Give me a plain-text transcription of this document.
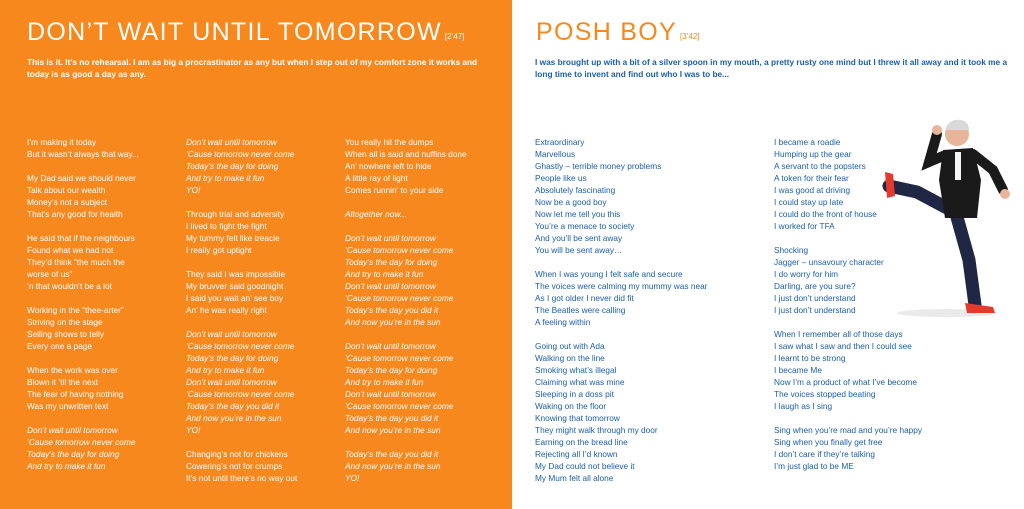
DON’T WAIT UNTIL TOMORROW [2’47]
This is it. It’s no rehearsal. I am as big a procrastinator as any but when I step out of my comfort zone it works and today is as good a day as any.
I’m making it today
But it wasn’t always that way...
My Dad said we should never
Talk about our wealth
Money’s not a subject
That’s any good for health
He said that if the neighbours
Found what we had not
They’d think “the much the
worse of us”
’n that wouldn’t be a lot
Working in the “thee-arter”
Striving on the stage
Selling shows to telly
Every one a page
When the work was over
Blown it ’til the next
The fear of having nothing
Was my unwritten text
Don’t wait until tomorrow
’Cause tomorrow never come
Today’s the day for doing
And try to make it fun
Don’t wait until tomorrow
’Cause tomorrow never come
Today’s the day for doing
And try to make it fun
YO!
Through trial and adversity
I lived to fight the fight
My tummy felt like treacle
I really got uptight
They said I was impossible
My bruvver said goodnight
I said you wait an’ see boy
An’ he was really right
Don’t wait until tomorrow
’Cause tomorrow never come
Today’s the day for doing
And try to make it fun
Don’t wait until tomorrow
’Cause tomorrow never come
Today’s the day you did it
And now you’re in the sun
YO!
Changing’s not for chickens
Cowering’s not for crumps
It’s not until there’s no way out
You really hit the dumps
When all is said and nuffins done
An’ nowhere left to hide
A little ray of light
Comes runnin’ to your side
Altogether now...
Don’t wait until tomorrow
’Cause tomorrow never come
Today’s the day for doing
And try to make it fun
Don’t wait until tomorrow
’Cause tomorrow never come
Today’s the day you did it
And now you’re in the sun
Don’t wait until tomorrow
’Cause tomorrow never come
Today’s the day for doing
And try to make it fun
Don’t wait until tomorrow
’Cause tomorrow never come
Today’s the day you did it
And now you’re in the sun
Today’s the day you did it
And now you’re in the sun
YO!
POSH BOY [3’42]
I was brought up with a bit of a silver spoon in my mouth, a pretty rusty one mind but I threw it all away and it took me a long time to invent and find out who I was to be...
Extraordinary
Marvellous
Ghastly – terrible money problems
People like us
Absolutely fascinating
Now be a good boy
Now let me tell you this
You’re a menace to society
And you’ll be sent away
You will be sent away…
When I was young I felt safe and secure
The voices were calming my mummy was near
As I got older I never did fit
The Beatles were calling
A feeling within
Going out with Ada
Walking on the line
Smoking what’s illegal
Claiming what was mine
Sleeping in a doss pit
Waking on the floor
Knowing that tomorrow
They might walk through my door
Earning on the bread line
Rejecting all I’d known
My Dad could not believe it
My Mum felt all alone
I became a roadie
Humping up the gear
A servant to the popsters
A token for their fear
I was good at driving
I could stay up late
I could do the front of house
I worked for TFA
Shocking
Jagger – unsavoury character
I do worry for him
Darling, are you sure?
I just don’t understand
I just don’t understand
When I remember all of those days
I saw what I saw and then I could see
I learnt to be strong
I became Me
Now I’m a product of what I’ve become
The voices stopped beating
I laugh as I sing
Sing when you’re mad and you’re happy
Sing when you finally get free
I don’t care if they’re talking
I’m just glad to be ME
